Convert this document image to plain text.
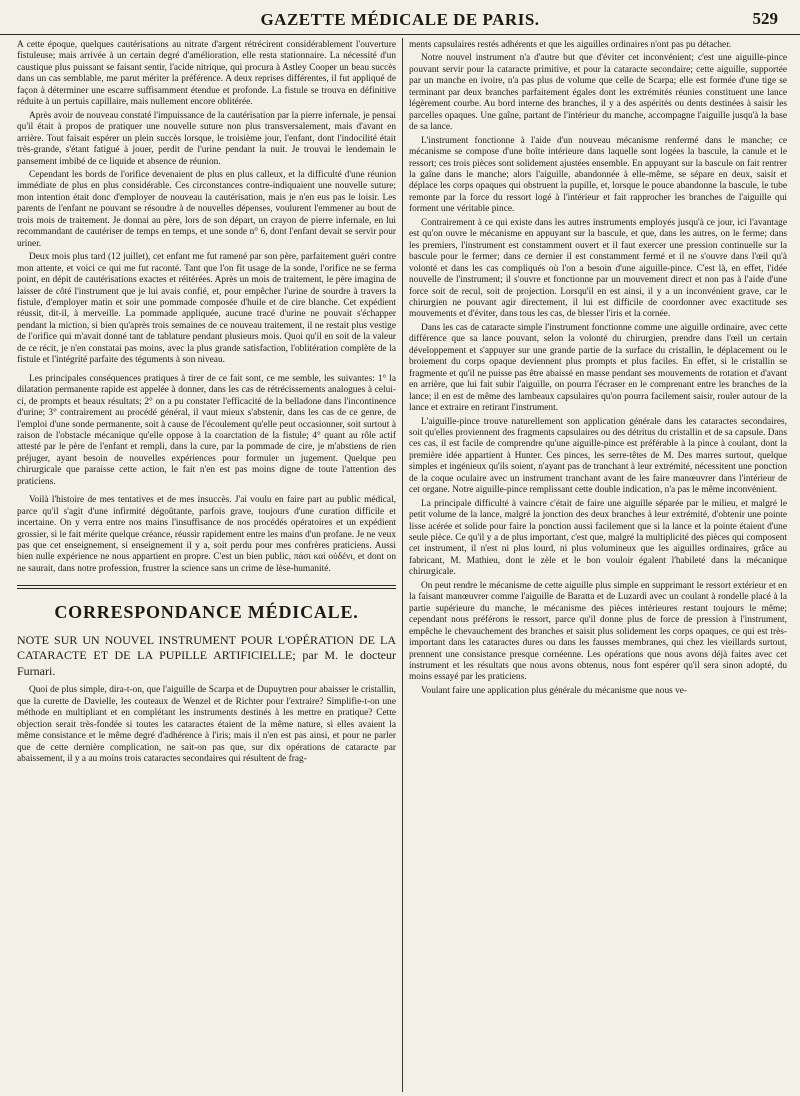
GAZETTE MÉDICALE DE PARIS.	529

A cette époque, quelques cautérisations au nitrate d'argent rétrécirent considérablement l'ouverture fistuleuse; mais arrivée à un certain degré d'amélioration, elle resta stationnaire. La nécessité d'un caustique plus puissant se faisant sentir, l'acide nitrique, qui procura à Astley Cooper un beau succès dans un cas semblable, me parut mériter la préférence. A deux reprises différentes, il fut appliqué de façon à déterminer une escarre suffisamment étendue et profonde. La fistule se trouva en définitive réduite à un pertuis capillaire, mais nullement encore oblitérée.

Après avoir de nouveau constaté l'impuissance de la cautérisation par la pierre infernale, je pensai qu'il était à propos de pratiquer une nouvelle suture non plus transversalement, mais d'avant en arrière. Tout faisait espérer un plein succès lorsque, le troisième jour, l'enfant, dont l'indocilité était très-grande, s'étant fatigué à jouer, perdit de l'urine pendant la nuit. Je trouvai le lendemain le pansement imbibé de ce liquide et absence de réunion.

Cependant les bords de l'orifice devenaient de plus en plus calleux, et la difficulté d'une réunion immédiate de plus en plus considérable. Ces circonstances contre-indiquaient une nouvelle suture; mon intention était donc d'employer de nouveau la cautérisation, mais je n'en eus pas le loisir. Les parents de l'enfant ne pouvant se résoudre à de nouvelles dépenses, voulurent l'emmener au bout de trois mois de traitement. Je donnai au père, lors de son départ, un crayon de pierre infernale, en lui recommandant de cautériser de temps en temps, et une sonde n° 6, dont l'enfant devait se servir pour uriner.

Deux mois plus tard (12 juillet), cet enfant me fut ramené par son père, parfaitement guéri contre mon attente, et voici ce qui me fut raconté. Tant que l'on fit usage de la sonde, l'orifice ne se ferma point, en dépit de cautérisations exactes et réitérées. Après un mois de traitement, le père imagina de laisser de côté l'instrument que je lui avais confié, et, pour empêcher l'urine de sourdre à travers la fistule, d'employer matin et soir une pommade composée d'huile et de cire blanche. Cet expédient réussit, dit-il, à merveille. La pommade appliquée, aucune tracé d'urine ne pouvait s'échapper pendant la miction, si bien qu'après trois semaines de ce nouveau traitement, il ne restait plus vestige de l'orifice qui m'avait donné tant de tablature pendant plusieurs mois. Quoi qu'il en soit de la valeur de ce récit, je n'en constatai pas moins, avec la plus grande satisfaction, l'oblitération complète de la fistule et l'intégrité parfaite des téguments à son niveau.

Les principales conséquences pratiques à tirer de ce fait sont, ce me semble, les suivantes: 1° la dilatation permanente rapide est appelée à donner, dans les cas de rétrécissements analogues à celui-ci, de prompts et beaux résultats; 2° on a pu constater l'efficacité de la belladone dans l'incontinence d'urine; 3° contrairement au procédé général, il vaut mieux s'abstenir, dans les cas de ce genre, de l'emploi d'une sonde permanente, soit à cause de l'écoulement qu'elle peut occasionner, soit surtout à raison de l'obstacle mécanique qu'elle oppose à la coarctation de la fistule; 4° quant au rôle actif attesté par le père de l'enfant et rempli, dans la cure, par la pommade de cire, je m'abstiens de rien préjuger, ayant besoin de nouvelles expériences pour formuler un jugement. Quelque peu chirurgicale que paraisse cette action, le fait n'en est pas moins digne de toute l'attention des praticiens.

Voilà l'histoire de mes tentatives et de mes insuccès. J'ai voulu en faire part au public médical, parce qu'il s'agit d'une infirmité dégoûtante, parfois grave, toujours d'une curation difficile et incertaine. On y verra entre nos mains l'insuffisance de nos procédés opératoires et un expédient grossier, si le fait mérite quelque créance, réussir rapidement entre les mains d'un profane. Je ne veux pas que cet enseignement, si enseignement il y a, soit perdu pour mes confrères praticiens. Aussi bien nulle expérience ne nous appartient en propre. C'est un bien public, πάσι καὶ οὐδένι, et dont on ne saurait, dans notre profession, frustrer la science sans un crime de lèse-humanité.

CORRESPONDANCE MÉDICALE.
NOTE SUR UN NOUVEL INSTRUMENT POUR L'OPÉRATION DE LA CATARACTE ET DE LA PUPILLE ARTIFICIELLE; par M. le docteur Furnari.

Quoi de plus simple, dira-t-on, que l'aiguille de Scarpa et de Dupuytren pour abaisser le cristallin, que la curette de Davielle, les couteaux de Wenzel et de Richter pour l'extraire? Simplifie-t-on une méthode en multipliant et en complétant les instruments destinés à les mettre en pratique? Cette objection serait très-fondée si toutes les cataractes étaient de la même nature, si elles avaient la même consistance et le même degré d'adhérence à l'iris; mais il n'en est pas ainsi, et pour ne parler que de cette dernière complication, ne sait-on pas que, sur dix opérations de cataracte par abaissement, il y a au moins trois cataractes secondaires qui résultent de frag-

ments capsulaires restés adhérents et que les aiguilles ordinaires n'ont pas pu détacher.

Notre nouvel instrument n'a d'autre but que d'éviter cet inconvénient; c'est une aiguille-pince pouvant servir pour la cataracte primitive, et pour la cataracte secondaire; cette aiguille, supportée par un manche en ivoire, n'a pas plus de volume que celle de Scarpa; elle est formée d'une tige se terminant par deux branches parfaitement égales dont les extrémités réunies constituent une lance légèrement courbe. Au bord interne des branches, il y a des aspérités ou dents destinées à saisir les parcelles opaques. Une gaîne, partant de l'intérieur du manche, accompagne l'aiguille jusqu'à la base de sa lance.

L'instrument fonctionne à l'aide d'un nouveau mécanisme renfermé dans le manche; ce mécanisme se compose d'une boîte intérieure dans laquelle sont logées la bascule, la canule et le ressort; ces trois pièces sont solidement ajustées ensemble. En appuyant sur la bascule on fait rentrer la gaîne dans le manche; alors l'aiguille, abandonnée à elle-même, se sépare en deux, saisit et déplace les corps opaques qui obstruent la pupille, et, lorsque le pouce abandonne la bascule, le tube remonte par la force du ressort logé à l'intérieur et fait rapprocher les branches de l'aiguille qui forment une véritable pince.

Contrairement à ce qui existe dans les autres instruments employés jusqu'à ce jour, ici l'avantage est qu'on ouvre le mécanisme en appuyant sur la bascule, et que, dans les autres, on le ferme; dans les premiers, l'instrument est constamment ouvert et il faut exercer une pression continuelle sur la bascule pour le fermer; dans ce dernier il est constamment fermé et il ne s'ouvre dans l'œil qu'à volonté et dans les cas compliqués où l'on a besoin d'une aiguille-pince. C'est là, en effet, l'idée nouvelle de l'instrument; il s'ouvre et fonctionne par un mouvement direct et non pas à l'aide d'une force soit de recul, soit de projection. Lorsqu'il en est ainsi, il y a un inconvénient grave, car le chirurgien ne pouvant agir directement, il lui est difficile de coordonner avec exactitude ses mouvements et d'éviter, dans tous les cas, de blesser l'iris et la cornée.

Dans les cas de cataracte simple l'instrument fonctionne comme une aiguille ordinaire, avec cette différence que sa lance pouvant, selon la volonté du chirurgien, prendre dans l'œil un certain développement et s'appuyer sur une grande partie de la surface du cristallin, le déplacement ou le broiement du corps opaque deviennent plus prompts et plus faciles. En effet, si le cristallin se fragmente et qu'il ne puisse pas être abaissé en masse pendant ses mouvements de rotation et d'avant en arrière, que lui fait subir l'aiguille, on pourra l'écraser en le comprenant entre les branches de la lance; il en est de même des lambeaux capsulaires qu'on pourra facilement saisir, rouler autour de la lance et extraire en retirant l'instrument.

L'aiguille-pince trouve naturellement son application générale dans les cataractes secondaires, soit qu'elles proviennent des fragments capsulaires ou des détritus du cristallin et de sa capsule. Dans ces cas, il est facile de comprendre qu'une aiguille-pince est préférable à la pince à coulant, dont la première idée appartient à Hunter. Ces pinces, les serre-têtes de M. Des marres surtout, quelque simples et ingénieux qu'ils soient, n'ayant pas de tranchant à leur extrémité, nécessitent une ponction de la coque oculaire avec un instrument tranchant avant de les faire manœuvrer dans l'intérieur de cet organe. Notre aiguille-pince remplissant cette double indication, n'a pas le même inconvénient.

La principale difficulté à vaincre c'était de faire une aiguille séparée par le milieu, et malgré le petit volume de la lance, malgré la jonction des deux branches à leur extrémité, d'obtenir une pointe lisse acérée et solide pour faire la ponction aussi facilement que si la lance et la pointe étaient d'une seule pièce. Ce qu'il y a de plus important, c'est que, malgré la multiplicité des pièces qui composent cet instrument, il n'est ni plus lourd, ni plus volumineux que les aiguilles ordinaires, grâce au fabricant, M. Mathieu, dont le zèle et le bon vouloir égalent l'habileté dans la mécanique chirurgicale.

On peut rendre le mécanisme de cette aiguille plus simple en supprimant le ressort extérieur et en la faisant manœuvrer comme l'aiguille de Baratta et de Luzardi avec un coulant à rondelle placé à la partie supérieure du manche, le mécanisme des pièces intérieures restant toujours le même; cependant nous préférons le ressort, parce qu'il donne plus de force de pression à l'instrument, empêche le chevauchement des branches et saisit plus solidement les corps opaques, ce qui est très-important dans les cataractes dures ou dans les fausses membranes, qui chez les vieillards surtout, prennent une consistance presque cornéenne. Les opérations que nous avons déjà faites avec cet instrument et les résultats que nous avons obtenus, nous font espérer qu'il sera sinon adopté, du moins essayé par les praticiens.

Voulant faire une application plus générale du mécanisme que nous ve-
